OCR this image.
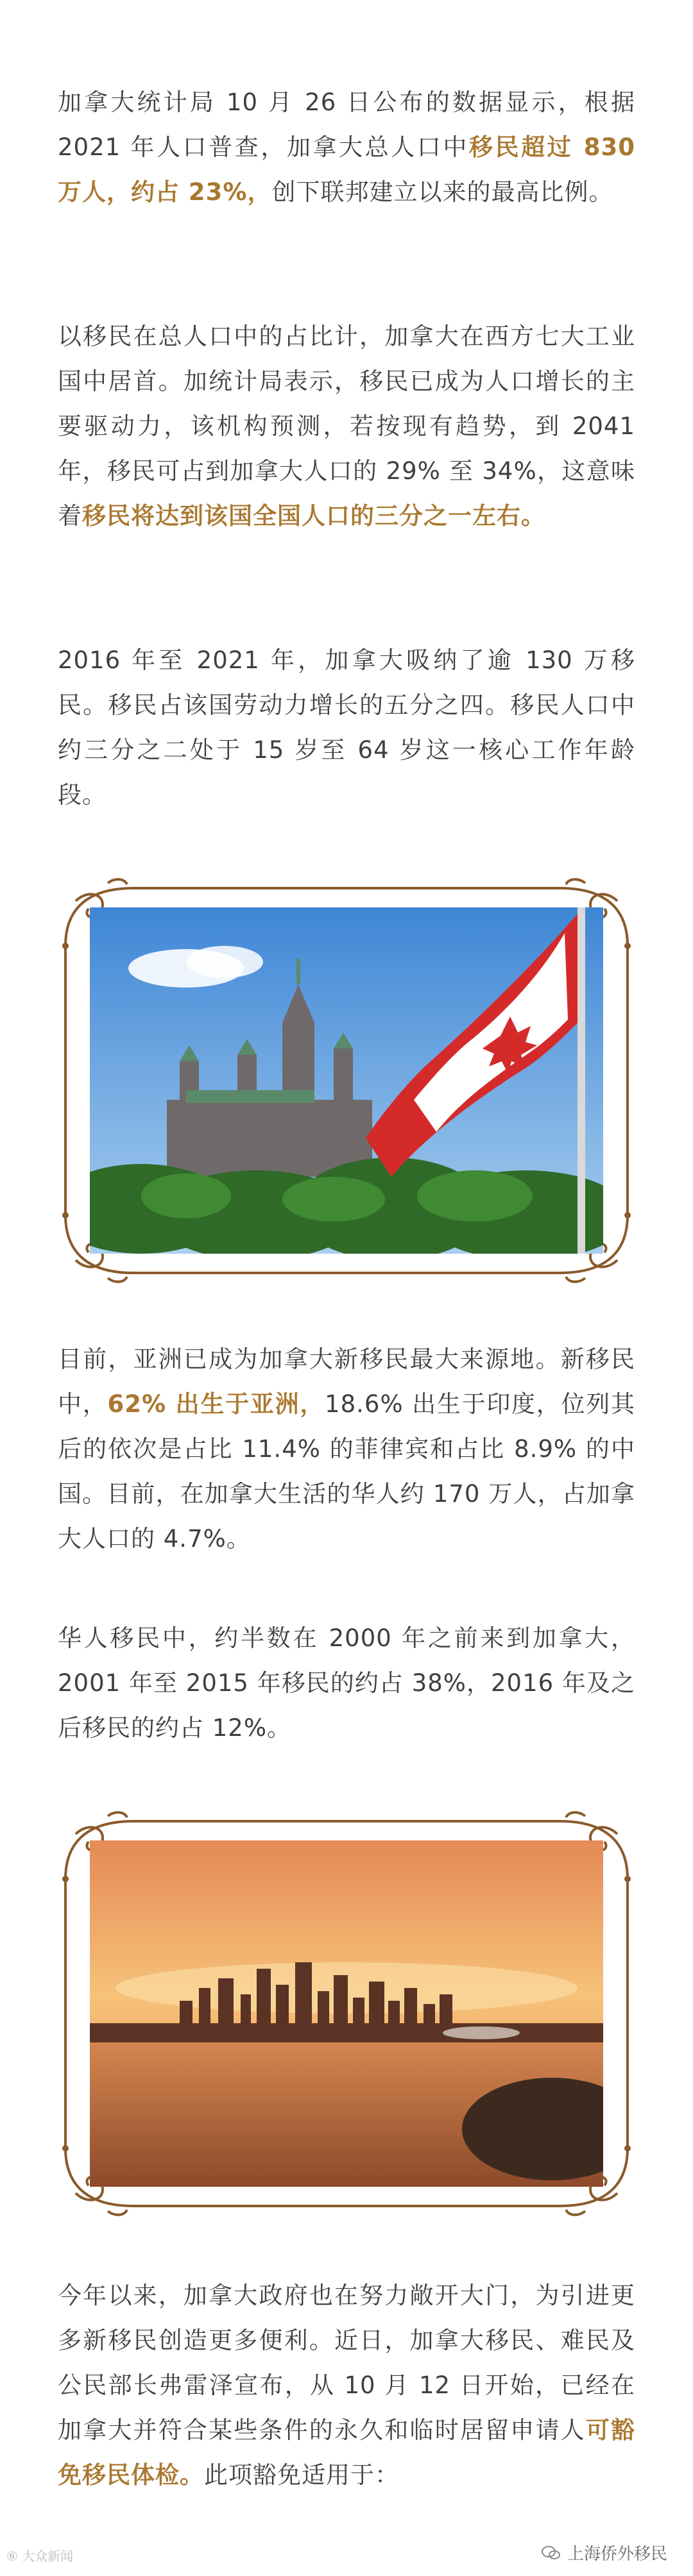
加拿大统计局 10 月 26 日公布的数据显示，根据 2021 年人口普查，加拿大总人口中移民超过 830 万人，约占 23%，创下联邦建立以来的最高比例。
以移民在总人口中的占比计，加拿大在西方七大工业国中居首。加统计局表示，移民已成为人口增长的主要驱动力，该机构预测，若按现有趋势，到 2041 年，移民可占到加拿大人口的 29% 至 34%，这意味着移民将达到该国全国人口的三分之一左右。
2016 年至 2021 年，加拿大吸纳了逾 130 万移民。移民占该国劳动力增长的五分之四。移民人口中约三分之二处于 15 岁至 64 岁这一核心工作年龄段。
目前，亚洲已成为加拿大新移民最大来源地。新移民中，62% 出生于亚洲，18.6% 出生于印度，位列其后的依次是占比 11.4% 的菲律宾和占比 8.9% 的中国。目前，在加拿大生活的华人约 170 万人，占加拿大人口的 4.7%。
华人移民中，约半数在 2000 年之前来到加拿大，2001 年至 2015 年移民的约占 38%，2016 年及之后移民的约占 12%。
今年以来，加拿大政府也在努力敞开大门，为引进更多新移民创造更多便利。近日，加拿大移民、难民及公民部长弗雷泽宣布，从 10 月 12 日开始，已经在加拿大并符合某些条件的永久和临时居留申请人可豁免移民体检。此项豁免适用于：
⑥ 大众新闻	上海侨外移民
